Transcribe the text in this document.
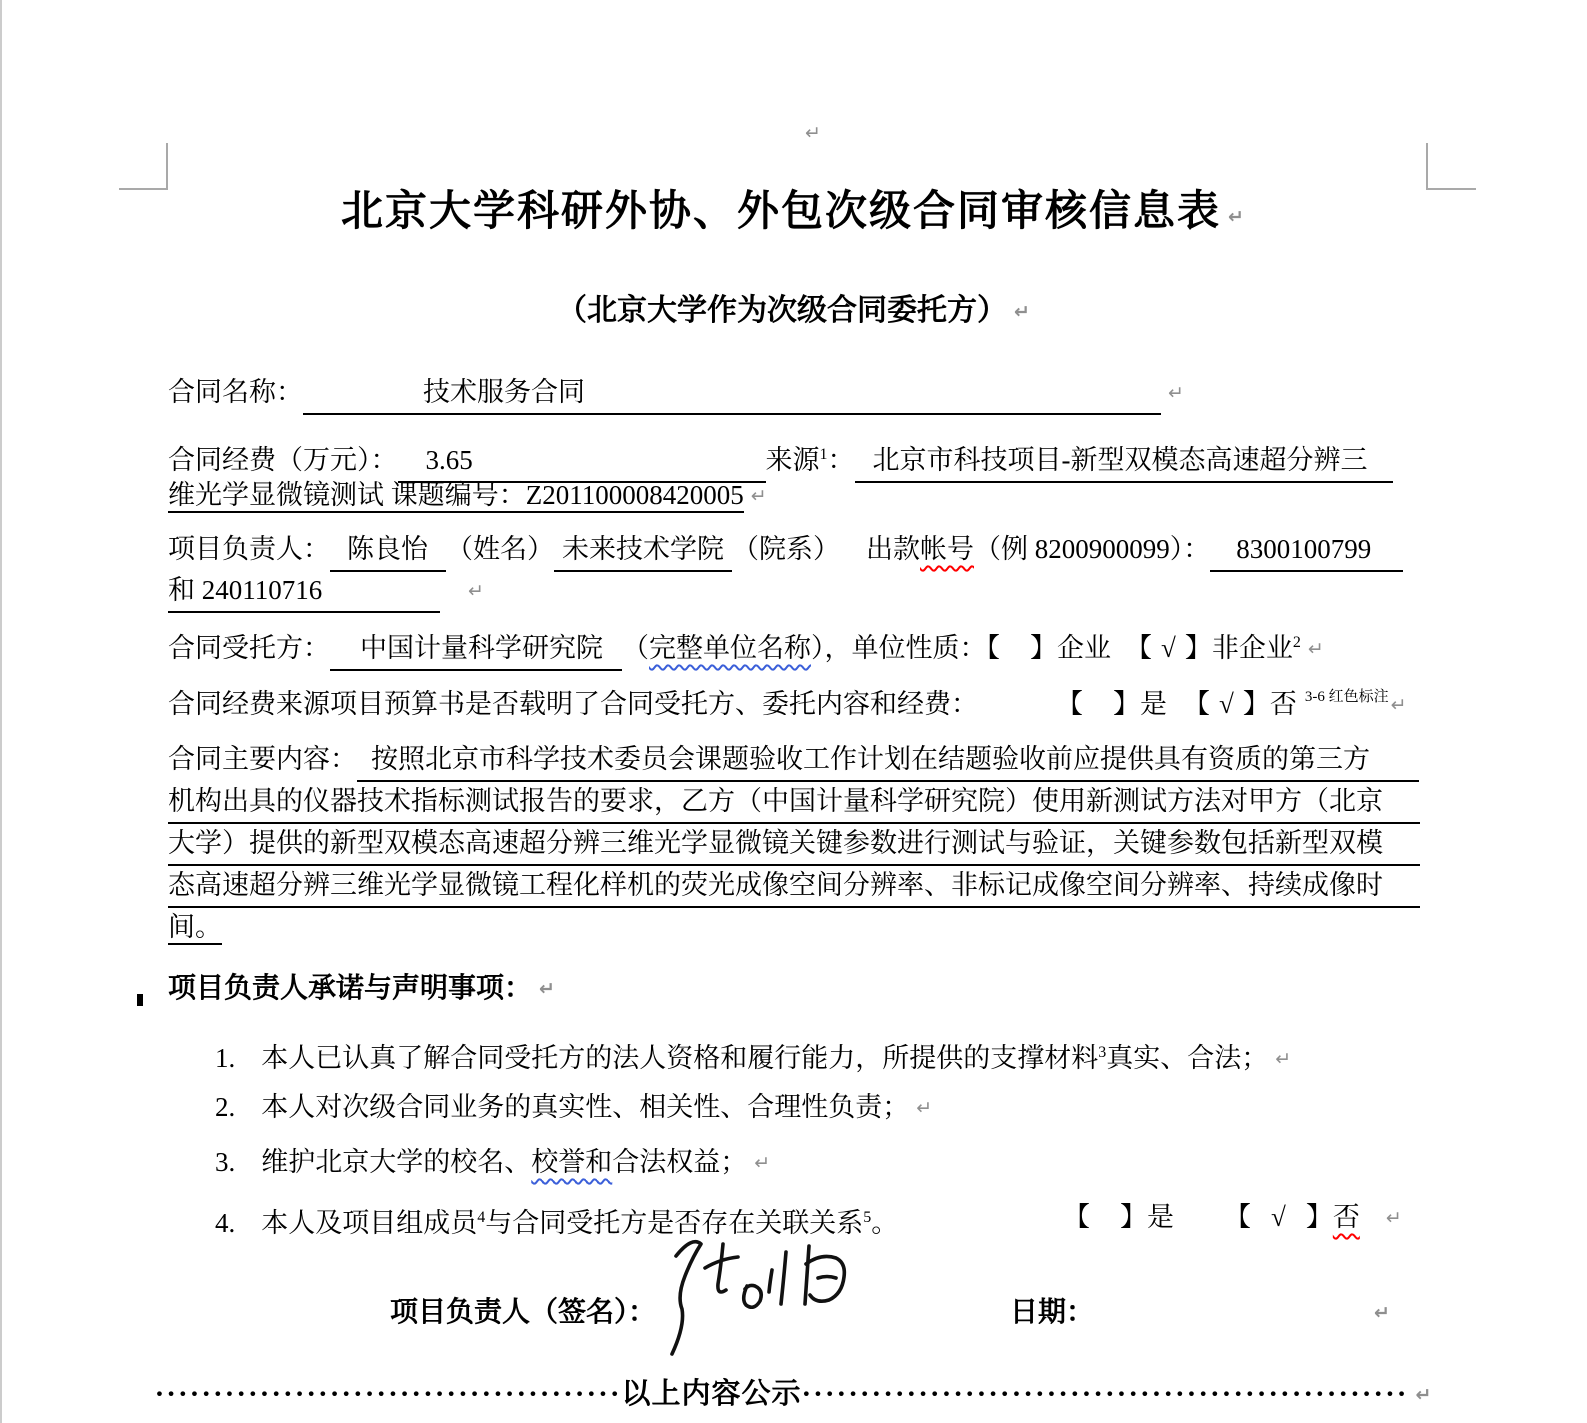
↵
北京大学科研外协、外包次级合同审核信息表 ↵
（北京大学作为次级合同委托方） ↵
合同名称：	技术服务合同	↵
合同经费（万元）： 3.65	来源$^1$： 北京市科技项目-新型双模态高速超分辨三
维光学显微镜测试 课题编号：Z201100008420005 ↵
项目负责人： 陈良怡 （姓名） 未来技术学院 （院系） 出款帐号（例 8200900099）： 8300100799
和 240110716	↵
合同受托方： 中国计量科学研究院 （完整单位名称），单位性质：【 】企业 【 √ 】非企业$^2$ ↵
合同经费来源项目预算书是否载明了合同受托方、委托内容和经费：	【 】是 【 √ 】否 $^{3-6 红色标注}$ ↵
合同主要内容： 按照北京市科学技术委员会课题验收工作计划在结题验收前应提供具有资质的第三方
机构出具的仪器技术指标测试报告的要求，乙方（中国计量科学研究院）使用新测试方法对甲方（北京
大学）提供的新型双模态高速超分辨三维光学显微镜关键参数进行测试与验证，关键参数包括新型双模
态高速超分辨三维光学显微镜工程化样机的荧光成像空间分辨率、非标记成像空间分辨率、持续成像时
间。
项目负责人承诺与声明事项： ↵
1. 本人已认真了解合同受托方的法人资格和履行能力，所提供的支撑材料$^3$真实、合法； ↵
2. 本人对次级合同业务的真实性、相关性、合理性负责； ↵
3. 维护北京大学的校名、校誉和合法权益； ↵
4. 本人及项目组成员$^4$与合同受托方是否存在关联关系$^5$。	【 】是 【 √ 】否 ↵
项目负责人（签名）：	日期：	↵
········································以上内容公示···················································· ↵
